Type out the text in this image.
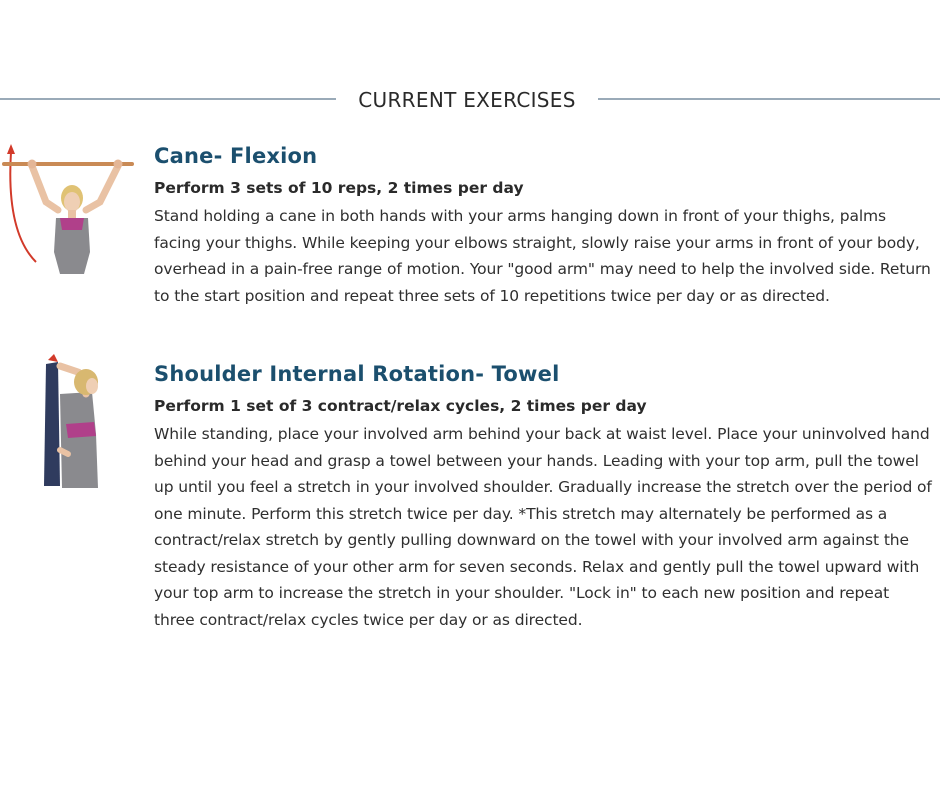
CURRENT EXERCISES
Cane- Flexion
Perform 3 sets of 10 reps, 2 times per day

Stand holding a cane in both hands with your arms hanging down in front of your thighs, palms facing your thighs. While keeping your elbows straight, slowly raise your arms in front of your body, overhead in a pain-free range of motion. Your "good arm" may need to help the involved side. Return to the start position and repeat three sets of 10 repetitions twice per day or as directed.

Shoulder Internal Rotation- Towel
Perform 1 set of 3 contract/relax cycles, 2 times per day

While standing, place your involved arm behind your back at waist level. Place your uninvolved hand behind your head and grasp a towel between your hands. Leading with your top arm, pull the towel up until you feel a stretch in your involved shoulder. Gradually increase the stretch over the period of one minute. Perform this stretch twice per day. *This stretch may alternately be performed as a contract/relax stretch by gently pulling downward on the towel with your involved arm against the steady resistance of your other arm for seven seconds. Relax and gently pull the towel upward with your top arm to increase the stretch in your shoulder. "Lock in" to each new position and repeat three contract/relax cycles twice per day or as directed.
